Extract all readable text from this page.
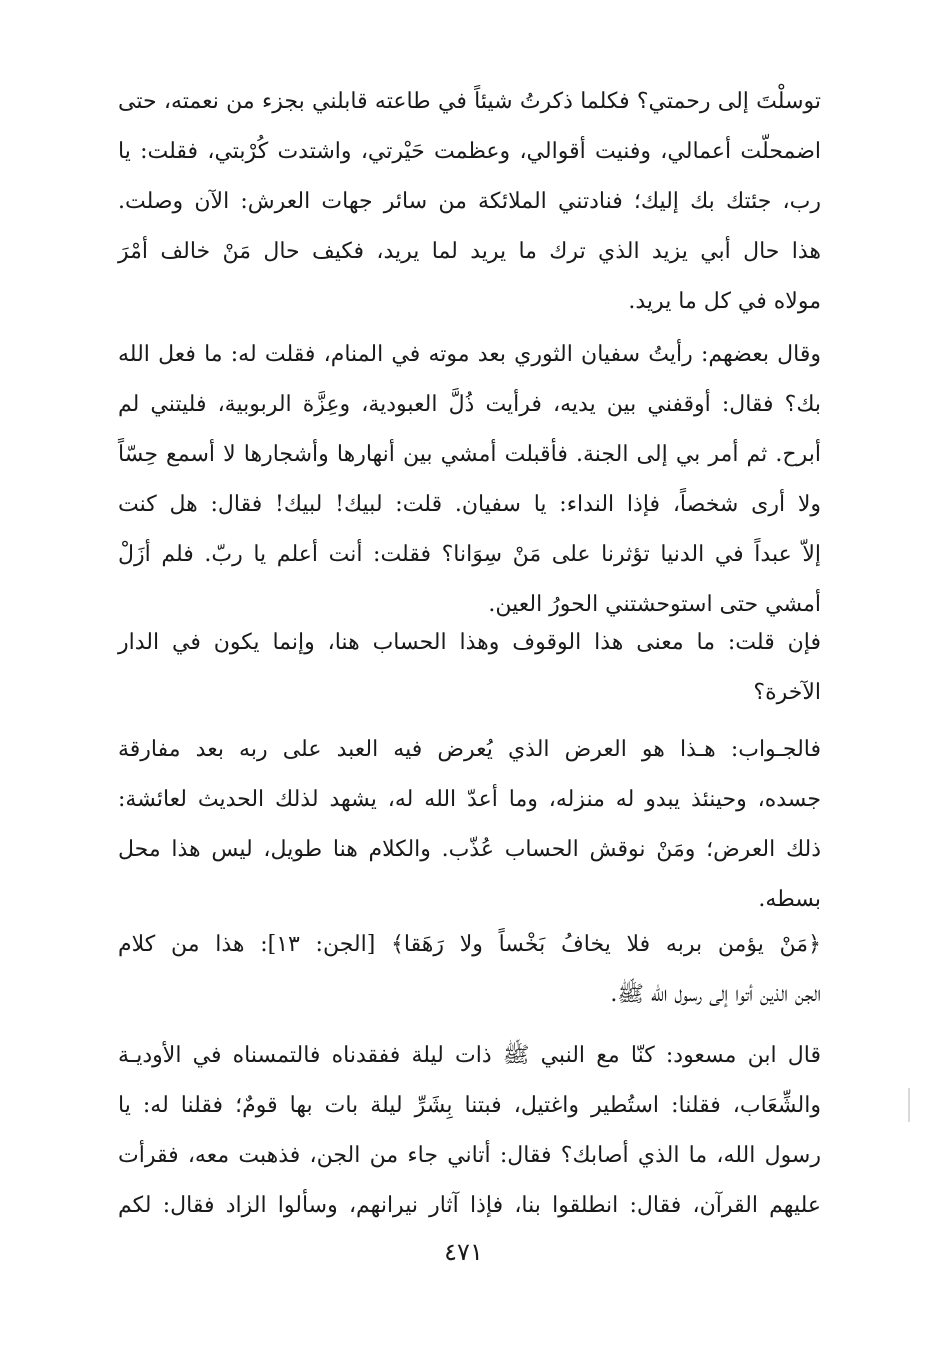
توسلْتَ إلى رحمتي؟ فكلما ذكرتُ شيئاً في طاعته قابلني بجزء من نعمته، حتى
اضمحلّت أعمالي، وفنيت أقوالي، وعظمت حَيْرتي، واشتدت كُرْبتي، فقلت: يا
رب، جئتك بك إليك؛ فنادتني الملائكة من سائر جهات العرش: الآن وصلت.
هذا حال أبي يزيد الذي ترك ما يريد لما يريد، فكيف حال مَنْ خالف أمْرَ
مولاه في كل ما يريد.
وقال بعضهم: رأيتُ سفيان الثوري بعد موته في المنام، فقلت له: ما فعل الله
بك؟ فقال: أوقفني بين يديه، فرأيت ذُلَّ العبودية، وعِزَّة الربوبية، فليتني لم
أبرح. ثم أمر بي إلى الجنة. فأقبلت أمشي بين أنهارها وأشجارها لا أسمع حِسّاً
ولا أرى شخصاً، فإذا النداء: يا سفيان. قلت: لبيك! لبيك! فقال: هل كنت
إلاّ عبداً في الدنيا تؤثرنا على مَنْ سِوَانا؟ فقلت: أنت أعلم يا ربّ. فلم أزَلْ
أمشي حتى استوحشتني الحورُ العين.
فإن قلت: ما معنى هذا الوقوف وهذا الحساب هنا، وإنما يكون في الدار
الآخرة؟
فالجـواب: هـذا هو العرض الذي يُعرض فيه العبد على ربه بعد مفارقة
جسده، وحينئذ يبدو له منزله، وما أعدّ الله له، يشهد لذلك الحديث لعائشة:
ذلك العرض؛ ومَنْ نوقش الحساب عُذّب. والكلام هنا طويل، ليس هذا محل
بسطه.
﴿مَنْ يؤمن بربه فلا يخافُ بَخْساً ولا رَهَقا﴾ [الجن: ١٣]: هذا من كلام
الجن الذين أتوا إلى رسول الله ﷺ.
قال ابن مسعود: كنّا مع النبي ﷺ ذات ليلة ففقدناه فالتمسناه في الأوديـة
والشِّعَاب، فقلنا: استُطير واغتيل، فبتنا بِشَرِّ ليلة بات بها قومٌ؛ فقلنا له: يا
رسول الله، ما الذي أصابك؟ فقال: أتاني جاء من الجن، فذهبت معه، فقرأت
عليهم القرآن، فقال: انطلقوا بنا، فإذا آثار نيرانهم، وسألوا الزاد فقال: لكم
٤٧١
